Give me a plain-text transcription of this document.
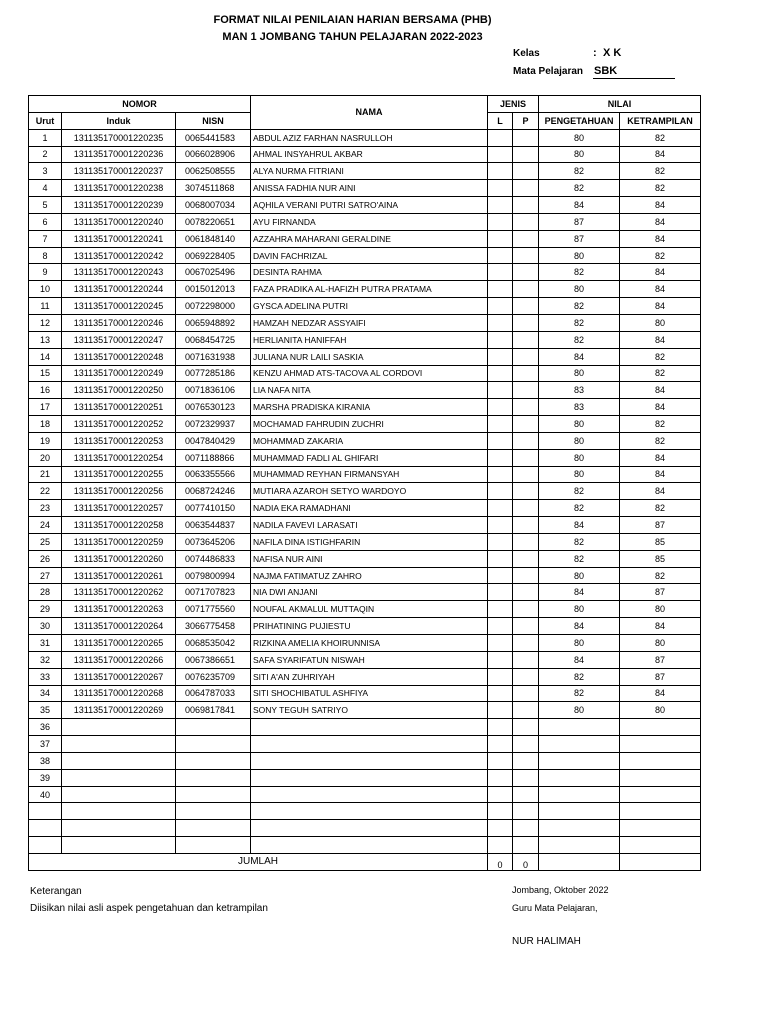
FORMAT NILAI PENILAIAN HARIAN BERSAMA (PHB)
MAN 1 JOMBANG TAHUN PELAJARAN 2022-2023
Kelas	: X K
Mata Pelajaran SBK
NOMOR			NAMA	JENIS		NILAI	
Urut	Induk	NISN		L	P	PENGETAHUAN	KETRAMPILAN
1	131135170001220235	0065441583	ABDUL AZIZ FARHAN NASRULLOH			80	82
2	131135170001220236	0066028906	AHMAL INSYAHRUL AKBAR			80	84
3	131135170001220237	0062508555	ALYA NURMA FITRIANI			82	82
4	131135170001220238	3074511868	ANISSA FADHIA NUR AINI			82	82
5	131135170001220239	0068007034	AQHILA VERANI PUTRI SATRO'AINA			84	84
6	131135170001220240	0078220651	AYU FIRNANDA			87	84
7	131135170001220241	0061848140	AZZAHRA MAHARANI GERALDINE			87	84
8	131135170001220242	0069228405	DAVIN FACHRIZAL			80	82
9	131135170001220243	0067025496	DESINTA RAHMA			82	84
10	131135170001220244	0015012013	FAZA PRADIKA AL-HAFIZH PUTRA PRATAMA			80	84
11	131135170001220245	0072298000	GYSCA ADELINA PUTRI			82	84
12	131135170001220246	0065948892	HAMZAH NEDZAR ASSYAIFI			82	80
13	131135170001220247	0068454725	HERLIANITA HANIFFAH			82	84
14	131135170001220248	0071631938	JULIANA NUR LAILI SASKIA			84	82
15	131135170001220249	0077285186	KENZU AHMAD ATS-TACOVA AL CORDOVI			80	82
16	131135170001220250	0071836106	LIA NAFA NITA			83	84
17	131135170001220251	0076530123	MARSHA PRADISKA KIRANIA			83	84
18	131135170001220252	0072329937	MOCHAMAD FAHRUDIN ZUCHRI			80	82
19	131135170001220253	0047840429	MOHAMMAD ZAKARIA			80	82
20	131135170001220254	0071188866	MUHAMMAD FADLI AL GHIFARI			80	84
21	131135170001220255	0063355566	MUHAMMAD REYHAN FIRMANSYAH			80	84
22	131135170001220256	0068724246	MUTIARA AZAROH SETYO WARDOYO			82	84
23	131135170001220257	0077410150	NADIA EKA RAMADHANI			82	82
24	131135170001220258	0063544837	NADILA FAVEVI LARASATI			84	87
25	131135170001220259	0073645206	NAFILA DINA ISTIGHFARIN			82	85
26	131135170001220260	0074486833	NAFISA NUR AINI			82	85
27	131135170001220261	0079800994	NAJMA FATIMATUZ ZAHRO			80	82
28	131135170001220262	0071707823	NIA DWI ANJANI			84	87
29	131135170001220263	0071775560	NOUFAL AKMALUL MUTTAQIN			80	80
30	131135170001220264	3066775458	PRIHATINING PUJIESTU			84	84
31	131135170001220265	0068535042	RIZKINA AMELIA KHOIRUNNISA			80	80
32	131135170001220266	0067386651	SAFA SYARIFATUN NISWAH			84	87
33	131135170001220267	0076235709	SITI A'AN ZUHRIYAH			82	87
34	131135170001220268	0064787033	SITI SHOCHIBATUL ASHFIYA			82	84
35	131135170001220269	0069817841	SONY TEGUH SATRIYO			80	80
36							
37							
38							
39							
40							

JUMLAH				0	0		
Keterangan
Diisikan nilai asli aspek pengetahuan dan ketrampilan
Jombang, Oktober 2022
Guru Mata Pelajaran,
NUR HALIMAH
